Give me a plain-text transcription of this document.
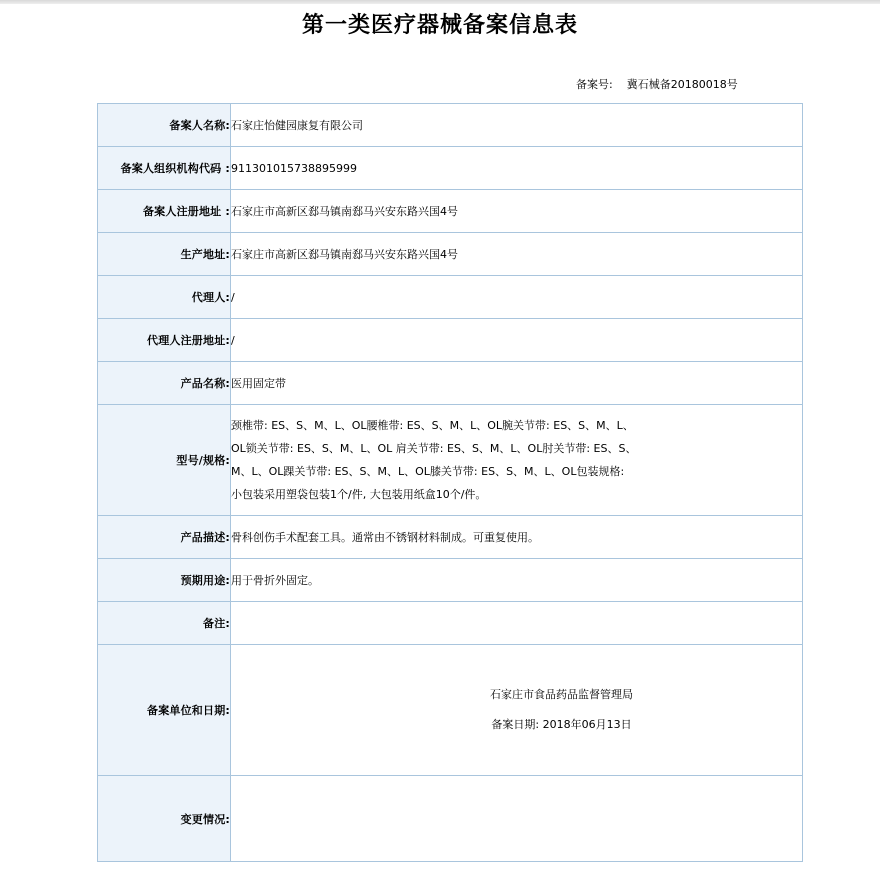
第一类医疗器械备案信息表
备案号: 冀石械备20180018号
备案人名称:	石家庄怡健园康复有限公司
备案人组织机构代码 :	911301015738895999
备案人注册地址 :	石家庄市高新区郄马镇南郄马兴安东路兴国4号
生产地址:	石家庄市高新区郄马镇南郄马兴安东路兴国4号
代理人:	/
代理人注册地址:	/
产品名称:	医用固定带
型号/规格:	颈椎带: ES、S、M、L、OL腰椎带: ES、S、M、L、OL腕关节带: ES、S、M、L、
OL锁关节带: ES、S、M、L、OL 肩关节带: ES、S、M、L、OL肘关节带: ES、S、
M、L、OL踝关节带: ES、S、M、L、OL膝关节带: ES、S、M、L、OL包装规格:
小包装采用塑袋包装1个/件, 大包装用纸盒10个/件。

产品描述:	骨科创伤手术配套工具。通常由不锈钢材料制成。可重复使用。
预期用途:	用于骨折外固定。
备注:	
备案单位和日期:	石家庄市食品药品监督管理局
备案日期: 2018年06月13日

变更情况:	
